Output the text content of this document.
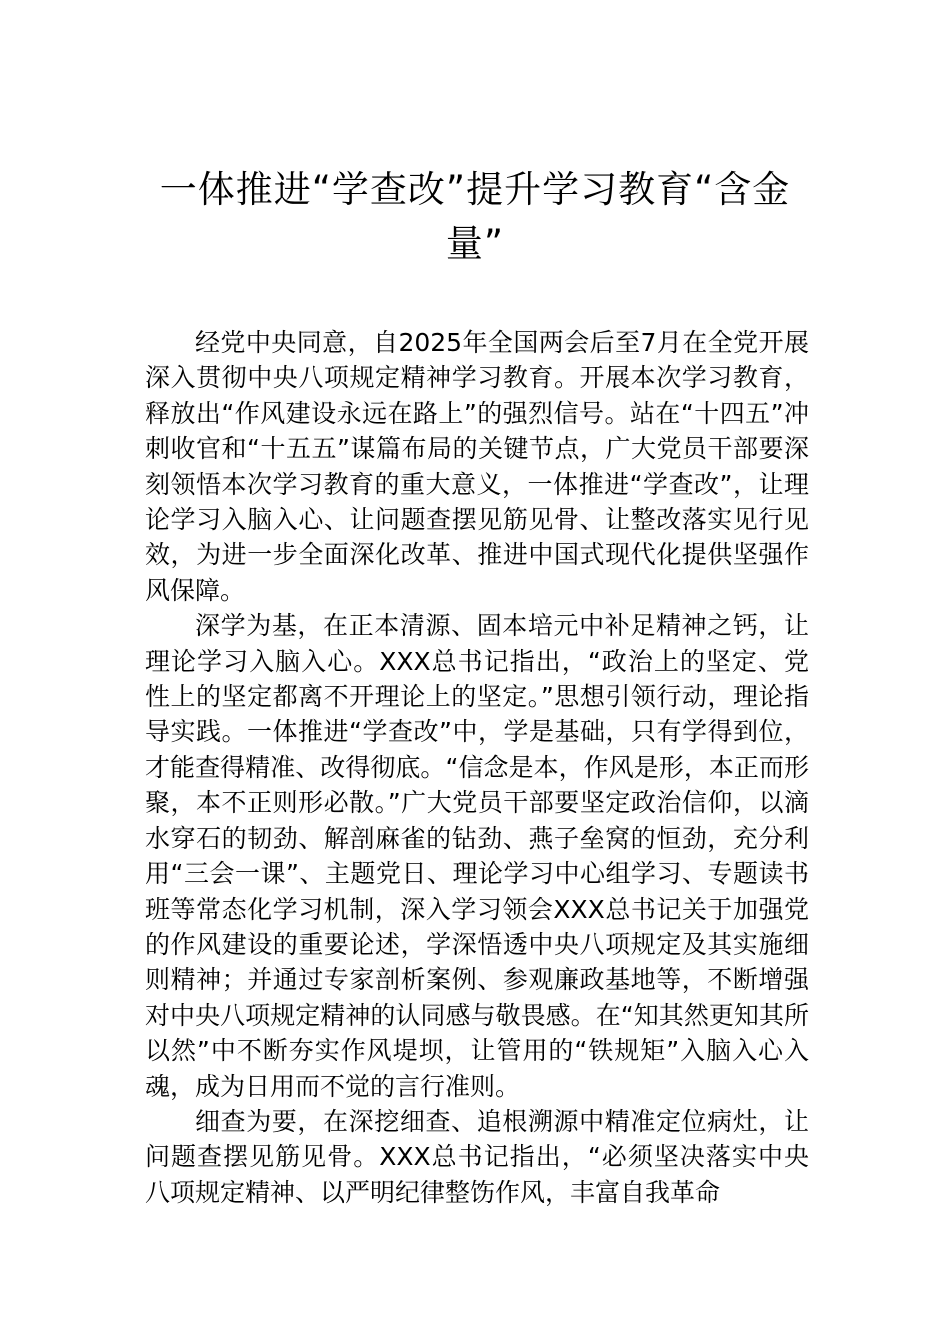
一体推进“学查改”提升学习教育“含金量”

经党中央同意，自2025年全国两会后至7月在全党开展深入贯彻中央八项规定精神学习教育。开展本次学习教育，释放出“作风建设永远在路上”的强烈信号。站在“十四五”冲刺收官和“十五五”谋篇布局的关键节点，广大党员干部要深刻领悟本次学习教育的重大意义，一体推进“学查改”，让理论学习入脑入心、让问题查摆见筋见骨、让整改落实见行见效，为进一步全面深化改革、推进中国式现代化提供坚强作风保障。

深学为基，在正本清源、固本培元中补足精神之钙，让理论学习入脑入心。XXX总书记指出，“政治上的坚定、党性上的坚定都离不开理论上的坚定。”思想引领行动，理论指导实践。一体推进“学查改”中，学是基础，只有学得到位，才能查得精准、改得彻底。“信念是本，作风是形，本正而形聚，本不正则形必散。”广大党员干部要坚定政治信仰，以滴水穿石的韧劲、解剖麻雀的钻劲、燕子垒窝的恒劲，充分利用“三会一课”、主题党日、理论学习中心组学习、专题读书班等常态化学习机制，深入学习领会XXX总书记关于加强党的作风建设的重要论述，学深悟透中央八项规定及其实施细则精神；并通过专家剖析案例、参观廉政基地等，不断增强对中央八项规定精神的认同感与敬畏感。在“知其然更知其所以然”中不断夯实作风堤坝，让管用的“铁规矩”入脑入心入魂，成为日用而不觉的言行准则。

细查为要，在深挖细查、追根溯源中精准定位病灶，让问题查摆见筋见骨。XXX总书记指出，“必须坚决落实中央八项规定精神、以严明纪律整饬作风，丰富自我革命
